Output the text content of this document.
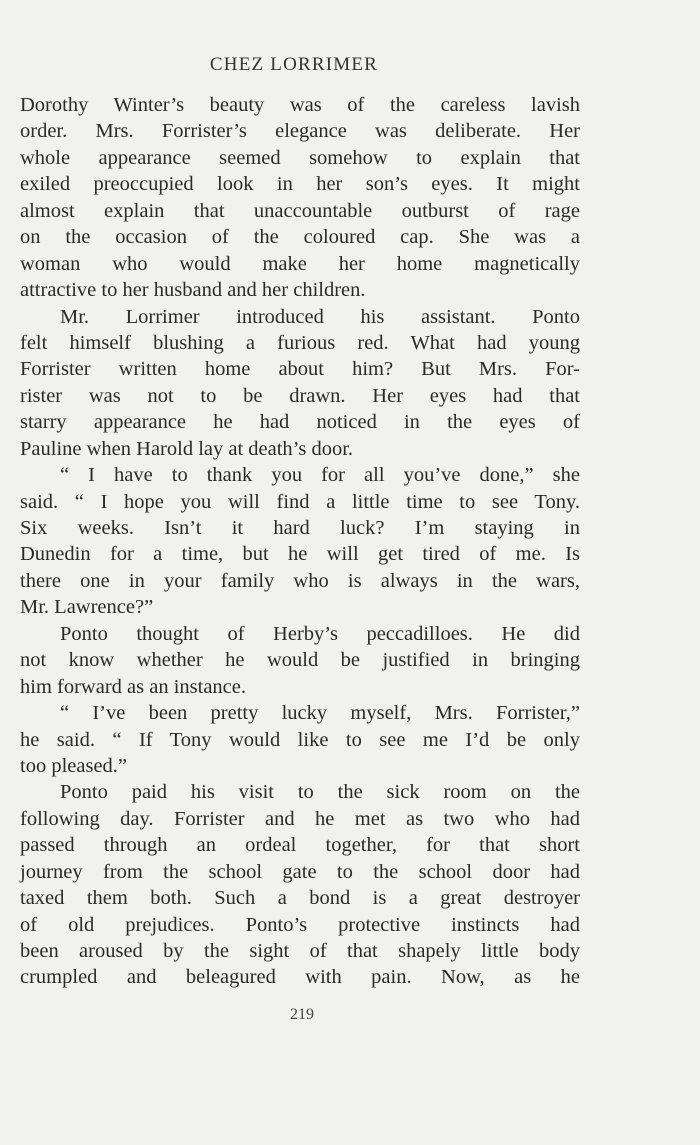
CHEZ LORRIMER
Dorothy Winter’s beauty was of the careless lavish
order. Mrs. Forrister’s elegance was deliberate. Her
whole appearance seemed somehow to explain that
exiled preoccupied look in her son’s eyes. It might
almost explain that unaccountable outburst of rage
on the occasion of the coloured cap. She was a
woman who would make her home magnetically
attractive to her husband and her children.
Mr. Lorrimer introduced his assistant. Ponto
felt himself blushing a furious red. What had young
Forrister written home about him? But Mrs. For-
rister was not to be drawn. Her eyes had that
starry appearance he had noticed in the eyes of
Pauline when Harold lay at death’s door.
“ I have to thank you for all you’ve done,” she
said. “ I hope you will find a little time to see Tony.
Six weeks. Isn’t it hard luck? I’m staying in
Dunedin for a time, but he will get tired of me. Is
there one in your family who is always in the wars,
Mr. Lawrence?”
Ponto thought of Herby’s peccadilloes. He did
not know whether he would be justified in bringing
him forward as an instance.
“ I’ve been pretty lucky myself, Mrs. Forrister,”
he said. “ If Tony would like to see me I’d be only
too pleased.”
Ponto paid his visit to the sick room on the
following day. Forrister and he met as two who had
passed through an ordeal together, for that short
journey from the school gate to the school door had
taxed them both. Such a bond is a great destroyer
of old prejudices. Ponto’s protective instincts had
been aroused by the sight of that shapely little body
crumpled and beleagured with pain. Now, as he
219
